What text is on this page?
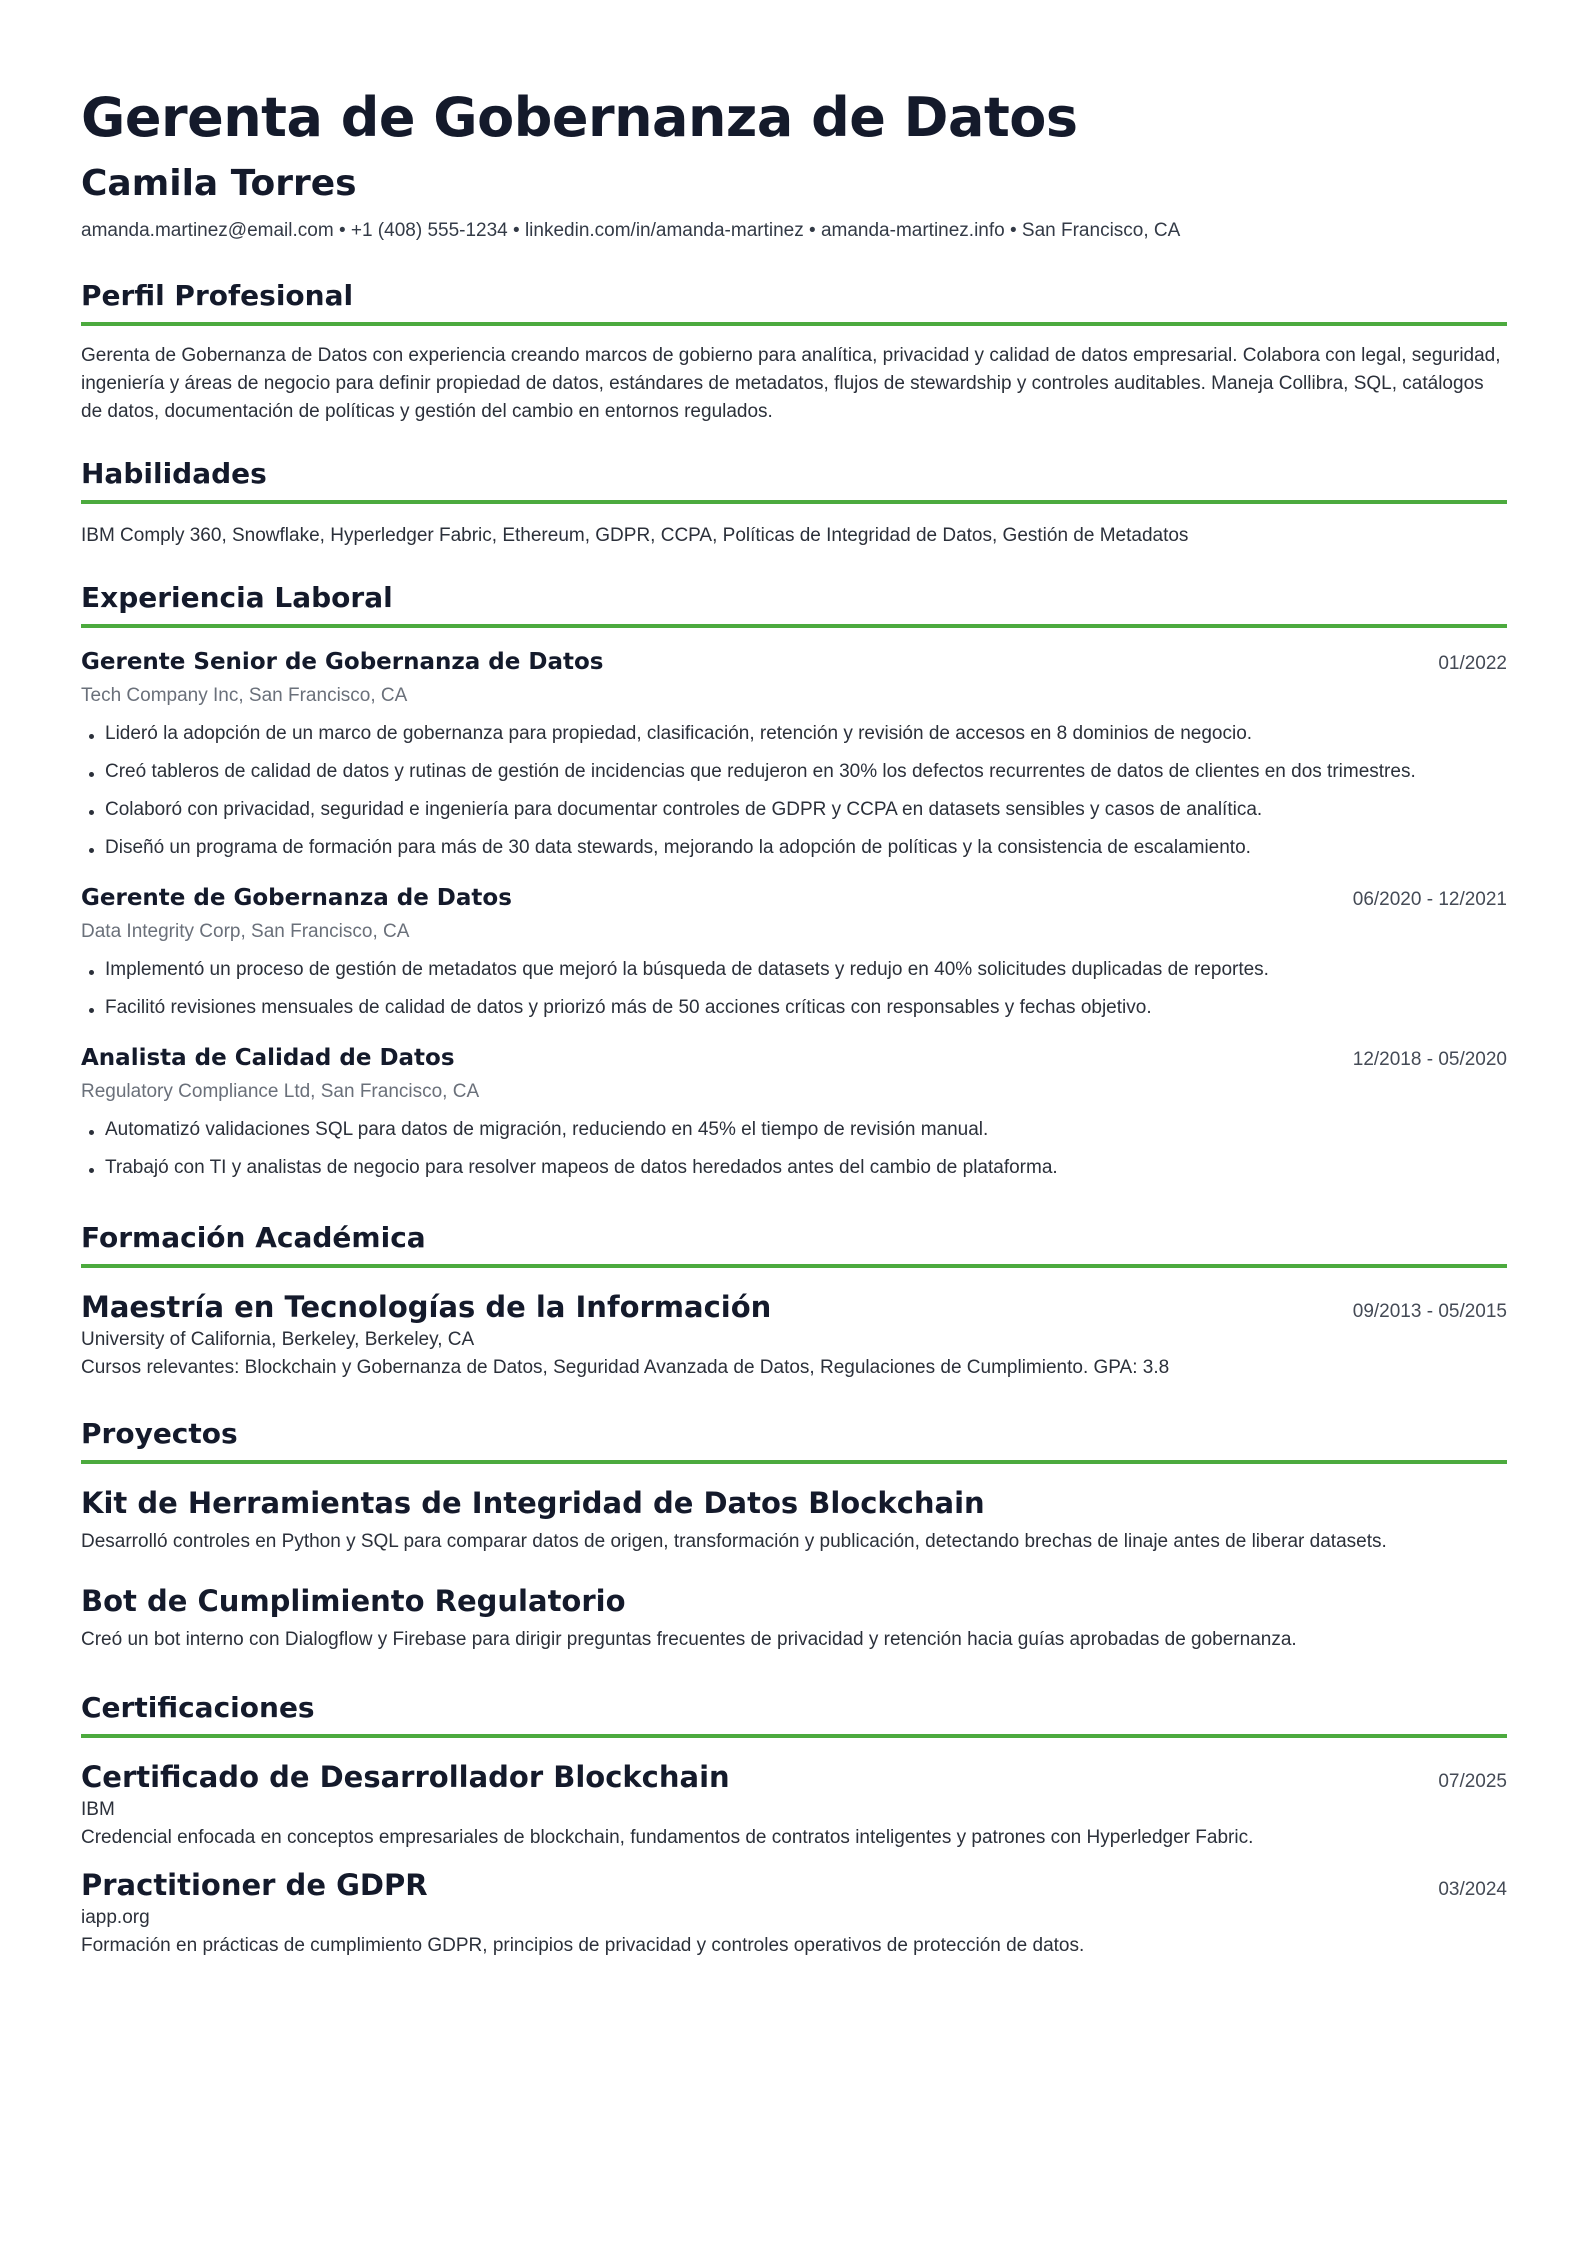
Gerenta de Gobernanza de Datos
Camila Torres
amanda.martinez@email.com • +1 (408) 555-1234 • linkedin.com/in/amanda-martinez • amanda-martinez.info • San Francisco, CA
Perfil Profesional
Gerenta de Gobernanza de Datos con experiencia creando marcos de gobierno para analítica, privacidad y calidad de datos empresarial. Colabora con legal, seguridad, ingeniería y áreas de negocio para definir propiedad de datos, estándares de metadatos, flujos de stewardship y controles auditables. Maneja Collibra, SQL, catálogos de datos, documentación de políticas y gestión del cambio en entornos regulados.
Habilidades
IBM Comply 360, Snowflake, Hyperledger Fabric, Ethereum, GDPR, CCPA, Políticas de Integridad de Datos, Gestión de Metadatos
Experiencia Laboral
Gerente Senior de Gobernanza de Datos	01/2022
Tech Company Inc, San Francisco, CA
Lideró la adopción de un marco de gobernanza para propiedad, clasificación, retención y revisión de accesos en 8 dominios de negocio.
Creó tableros de calidad de datos y rutinas de gestión de incidencias que redujeron en 30% los defectos recurrentes de datos de clientes en dos trimestres.
Colaboró con privacidad, seguridad e ingeniería para documentar controles de GDPR y CCPA en datasets sensibles y casos de analítica.
Diseñó un programa de formación para más de 30 data stewards, mejorando la adopción de políticas y la consistencia de escalamiento.
Gerente de Gobernanza de Datos	06/2020 - 12/2021
Data Integrity Corp, San Francisco, CA
Implementó un proceso de gestión de metadatos que mejoró la búsqueda de datasets y redujo en 40% solicitudes duplicadas de reportes.
Facilitó revisiones mensuales de calidad de datos y priorizó más de 50 acciones críticas con responsables y fechas objetivo.
Analista de Calidad de Datos	12/2018 - 05/2020
Regulatory Compliance Ltd, San Francisco, CA
Automatizó validaciones SQL para datos de migración, reduciendo en 45% el tiempo de revisión manual.
Trabajó con TI y analistas de negocio para resolver mapeos de datos heredados antes del cambio de plataforma.
Formación Académica
Maestría en Tecnologías de la Información	09/2013 - 05/2015
University of California, Berkeley, Berkeley, CA
Cursos relevantes: Blockchain y Gobernanza de Datos, Seguridad Avanzada de Datos, Regulaciones de Cumplimiento. GPA: 3.8
Proyectos
Kit de Herramientas de Integridad de Datos Blockchain
Desarrolló controles en Python y SQL para comparar datos de origen, transformación y publicación, detectando brechas de linaje antes de liberar datasets.
Bot de Cumplimiento Regulatorio
Creó un bot interno con Dialogflow y Firebase para dirigir preguntas frecuentes de privacidad y retención hacia guías aprobadas de gobernanza.
Certificaciones
Certificado de Desarrollador Blockchain	07/2025
IBM
Credencial enfocada en conceptos empresariales de blockchain, fundamentos de contratos inteligentes y patrones con Hyperledger Fabric.
Practitioner de GDPR	03/2024
iapp.org
Formación en prácticas de cumplimiento GDPR, principios de privacidad y controles operativos de protección de datos.
